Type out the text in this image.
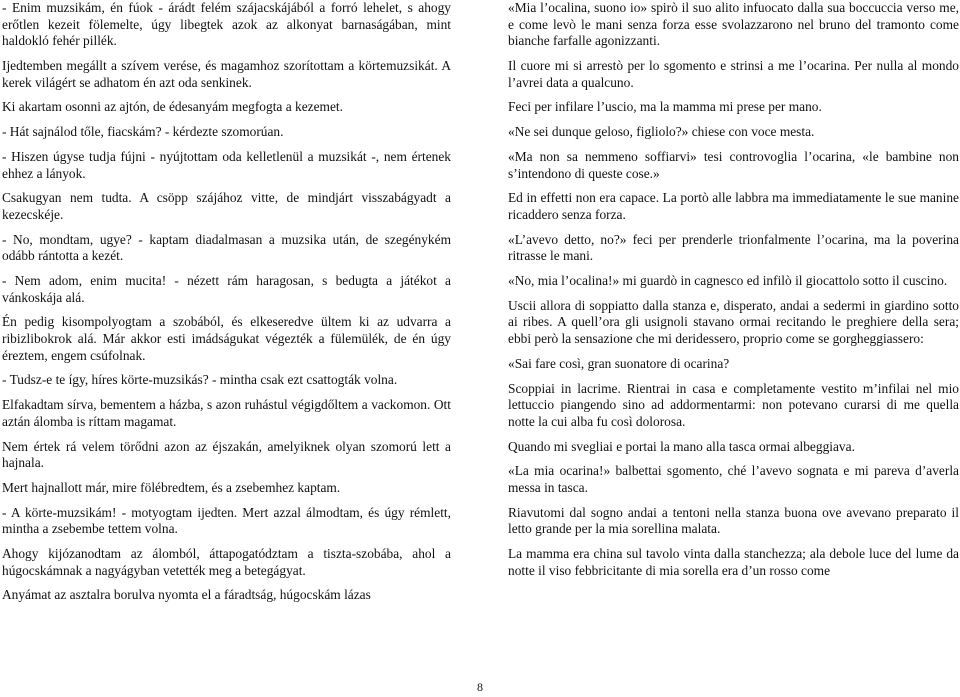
- Enim muzsikám, én fúok - árádt felém szájacskájából a forró lehelet, s ahogy erőtlen kezeit fölemelte, úgy libegtek azok az alkonyat barnaságában, mint haldokló fehér pillék.

Ijedtemben megállt a szívem verése, és magamhoz szorítottam a körtemuzsikát. A kerek világért se adhatom én azt oda senkinek.

Ki akartam osonni az ajtón, de édesanyám megfogta a kezemet.

- Hát sajnálod tőle, fiacskám? - kérdezte szomorúan.

- Hiszen úgyse tudja fújni - nyújtottam oda kelletlenül a muzsikát -, nem értenek ehhez a lányok.

Csakugyan nem tudta. A csöpp szájához vitte, de mindjárt visszabágyadt a kezecskéje.

- No, mondtam, ugye? - kaptam diadalmasan a muzsika után, de szegénykém odább rántotta a kezét.

- Nem adom, enim mucita! - nézett rám haragosan, s bedugta a játékot a vánkoskája alá.

Én pedig kisompolyogtam a szobából, és elkeseredve ültem ki az udvarra a ribizlibokrok alá. Már akkor esti imádságukat végezték a fülemülék, de én úgy éreztem, engem csúfolnak.

- Tudsz-e te így, híres körte-muzsikás? - mintha csak ezt csattogták volna.

Elfakadtam sírva, bementem a házba, s azon ruhástul végigdőltem a vackomon. Ott aztán álomba is ríttam magamat.

Nem értek rá velem törődni azon az éjszakán, amelyiknek olyan szomorú lett a hajnala.

Mert hajnallott már, mire fölébredtem, és a zsebemhez kaptam.

- A körte-muzsikám! - motyogtam ijedten. Mert azzal álmodtam, és úgy rémlett, mintha a zsebembe tettem volna.

Ahogy kijózanodtam az álomból, áttapogatództam a tiszta-szobába, ahol a húgocskámnak a nagyágyban vetették meg a betegágyat.

Anyámat az asztalra borulva nyomta el a fáradtság, húgocskám lázas

«Mia l’ocalina, suono io» spirò il suo alito infuocato dalla sua boccuccia verso me, e come levò le mani senza forza esse svolazzarono nel bruno del tramonto come bianche farfalle agonizzanti.

Il cuore mi si arrestò per lo sgomento e strinsi a me l’ocarina. Per nulla al mondo l’avrei data a qualcuno.

Feci per infilare l’uscio, ma la mamma mi prese per mano.

«Ne sei dunque geloso, figliolo?» chiese con voce mesta.

«Ma non sa nemmeno soffiarvi» tesi controvoglia l’ocarina, «le bambine non s’intendono di queste cose.»

Ed in effetti non era capace. La portò alle labbra ma immediatamente le sue manine ricaddero senza forza.

«L’avevo detto, no?» feci per prenderle trionfalmente l’ocarina, ma la poverina ritrasse le mani.

«No, mia l’ocalina!» mi guardò in cagnesco ed infilò il giocattolo sotto il cuscino.

Uscii allora di soppiatto dalla stanza e, disperato, andai a sedermi in giardino sotto ai ribes. A quell’ora gli usignoli stavano ormai recitando le preghiere della sera; ebbi però la sensazione che mi deridessero, proprio come se gorgheggiassero:

«Sai fare così, gran suonatore di ocarina?

Scoppiai in lacrime. Rientrai in casa e completamente vestito m’infilai nel mio lettuccio piangendo sino ad addormentarmi: non potevano curarsi di me quella notte la cui alba fu così dolorosa.

Quando mi svegliai e portai la mano alla tasca ormai albeggiava.

«La mia ocarina!» balbettai sgomento, ché l’avevo sognata e mi pareva d’averla messa in tasca.

Riavutomi dal sogno andai a tentoni nella stanza buona ove avevano preparato il letto grande per la mia sorellina malata.

La mamma era china sul tavolo vinta dalla stanchezza; ala debole luce del lume da notte il viso febbricitante di mia sorella era d’un rosso come

8
